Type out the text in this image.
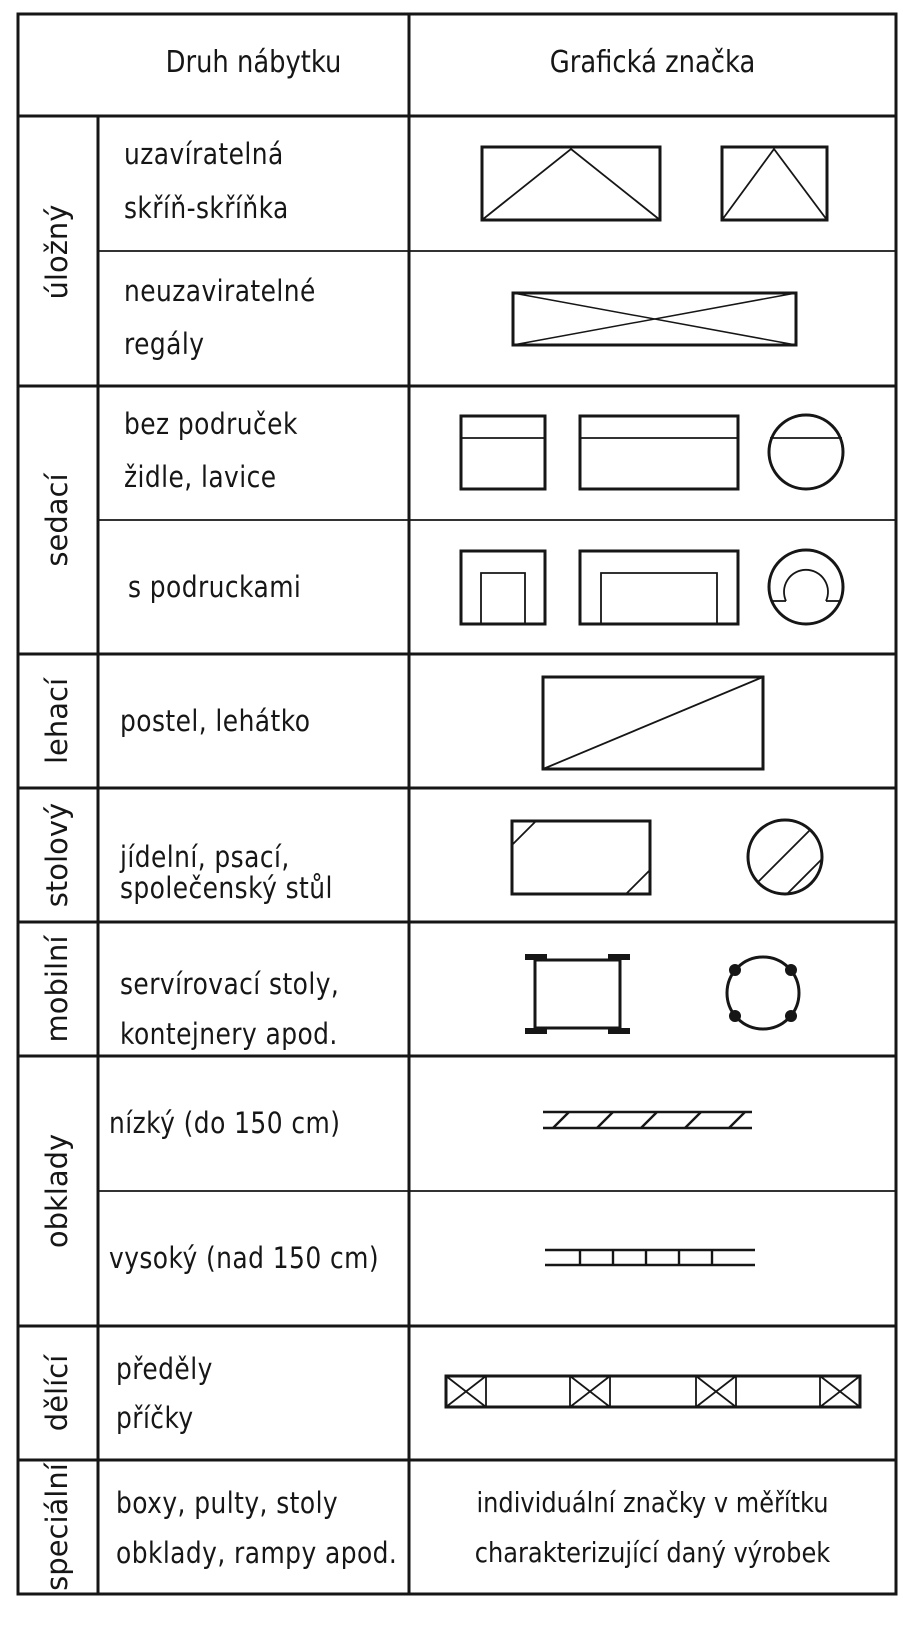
Druh nábytku	Grafická značka
úložný
sedací
lehací
stolový
mobilní
obklady
dělící
speciální
uzavíratelná
skříň-skříňka
neuzaviratelné
regály
bez područek
židle, lavice
s podruckami
postel, lehátko
jídelní, psací,
společenský stůl
servírovací stoly,
kontejnery apod.
nízký (do 150 cm)
vysoký (nad 150 cm)
předěly
příčky
boxy, pulty, stoly
obklady, rampy apod.
individuální značky v měřítku
charakterizující daný výrobek
